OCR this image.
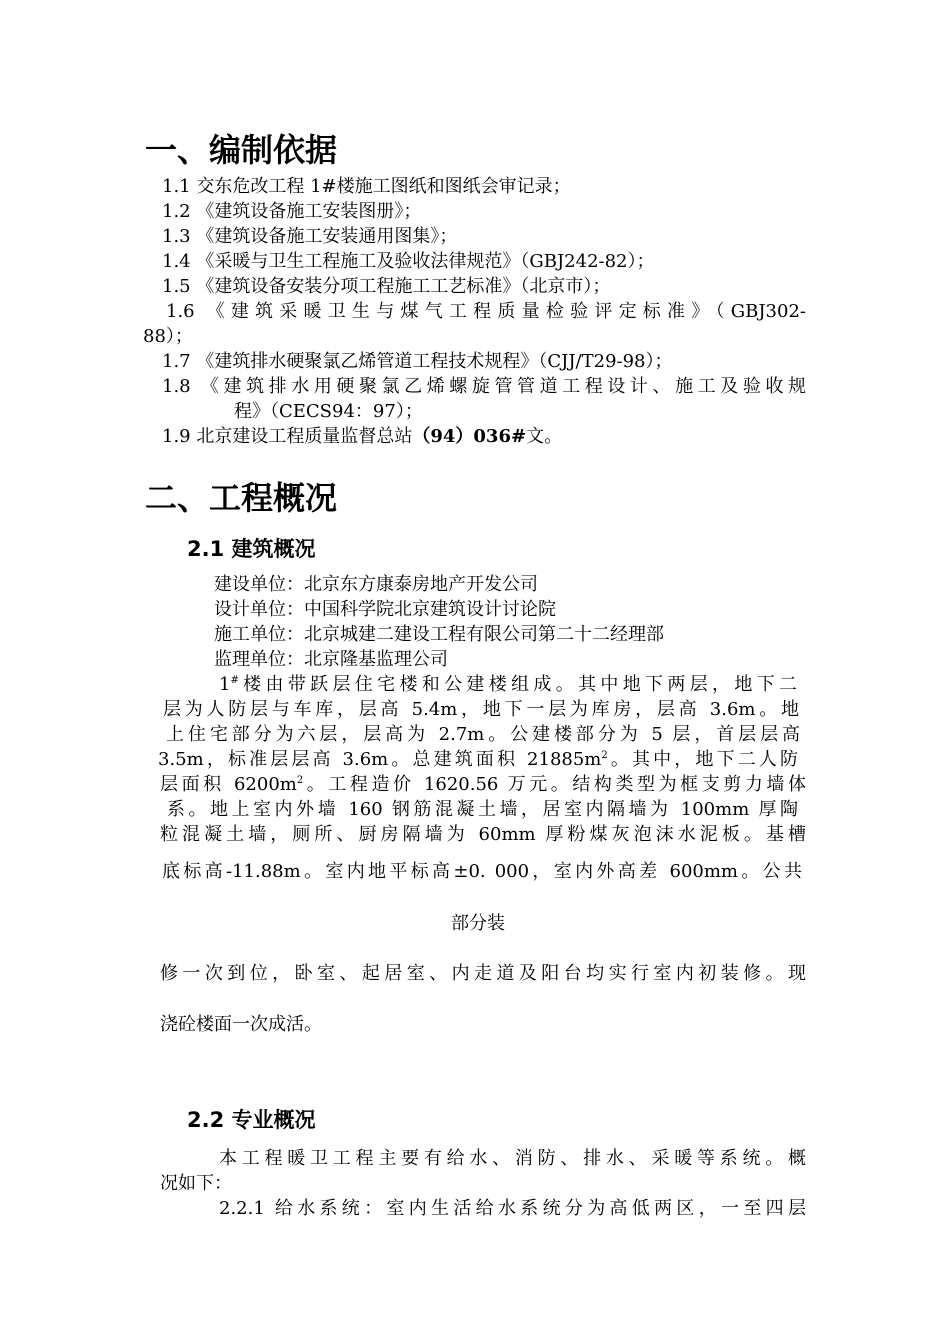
一、编制依据
1.1 交东危改工程 1#楼施工图纸和图纸会审记录；
1.2 《建筑设备施工安装图册》；
1.3 《建筑设备施工安装通用图集》；
1.4 《采暖与卫生工程施工及验收法律规范》（GBJ242-82）；
1.5 《建筑设备安装分项工程施工工艺标准》（北京市）；
1.6 《建筑采暖卫生与煤气工程质量检验评定标准》（GBJ302-
88）；
1.7 《建筑排水硬聚氯乙烯管道工程技术规程》（CJJ/T29-98）；
1.8 《建筑排水用硬聚氯乙烯螺旋管管道工程设计、施工及验收规
程》（CECS94：97）；
1.9 北京建设工程质量监督总站（94）036#文。
二、工程概况
2.1 建筑概况
建设单位：北京东方康泰房地产开发公司
设计单位：中国科学院北京建筑设计讨论院
施工单位：北京城建二建设工程有限公司第二十二经理部
监理单位：北京隆基监理公司
1#楼由带跃层住宅楼和公建楼组成。其中地下两层，地下二
层为人防层与车库，层高 5.4m，地下一层为库房，层高 3.6m。地
上住宅部分为六层，层高为 2.7m。公建楼部分为 5 层，首层层高
3.5m，标准层层高 3.6m。总建筑面积 $21885m^2$。其中，地下二人防
层面积 $6200m^2$。工程造价 1620.56 万元。结构类型为框支剪力墙体
系。地上室内外墙 160 钢筋混凝土墙，居室内隔墙为 100mm 厚陶
粒混凝土墙，厕所、厨房隔墙为 60mm 厚粉煤灰泡沫水泥板。基槽
底标高-11.88m。室内地平标高±0. 000，室内外高差 600mm。公共
部分装
修一次到位，卧室、起居室、内走道及阳台均实行室内初装修。现
浇砼楼面一次成活。
2.2 专业概况
本工程暖卫工程主要有给水、消防、排水、采暖等系统。概
况如下：
2.2.1 给水系统：室内生活给水系统分为高低两区，一至四层
